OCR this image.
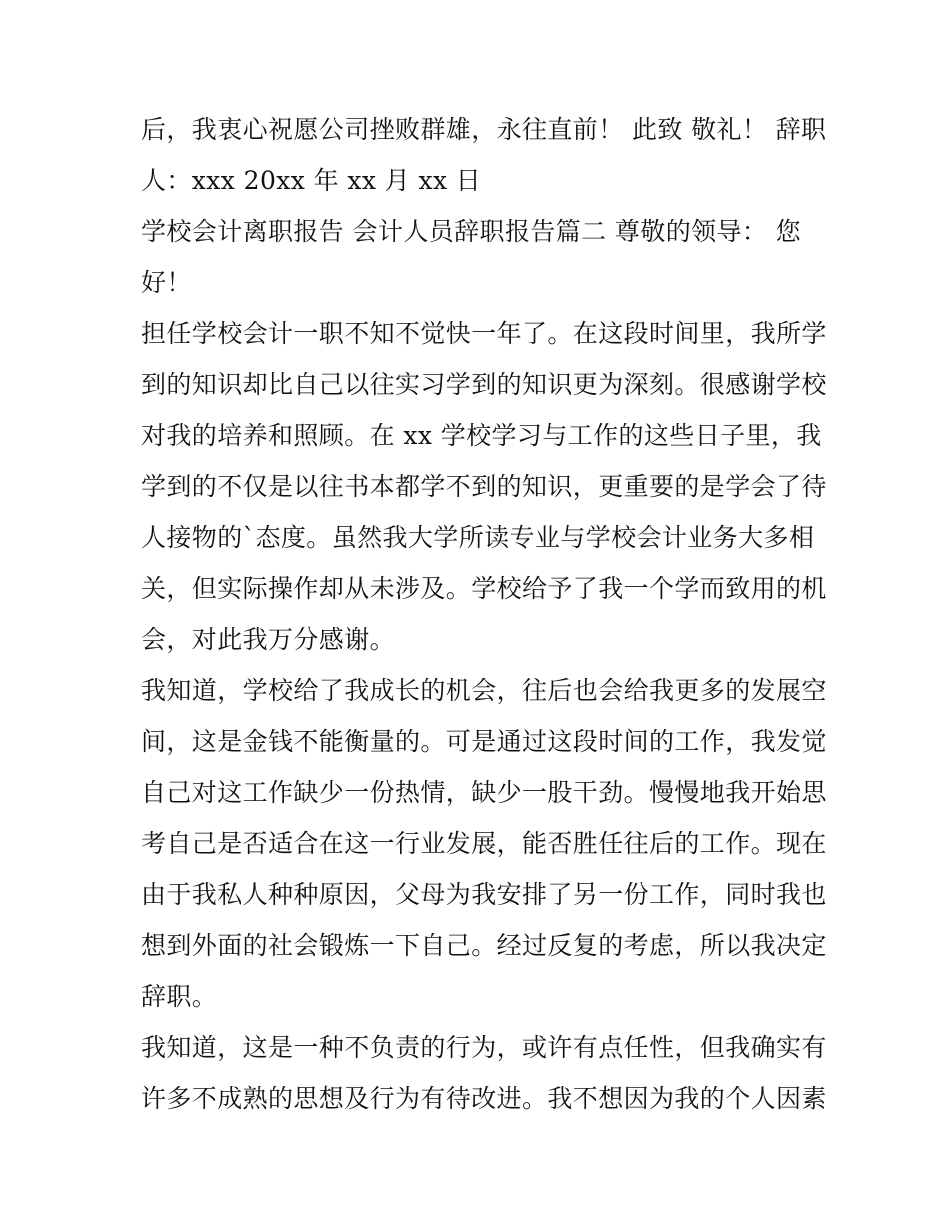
后，我衷心祝愿公司挫败群雄，永往直前！ 此致 敬礼！ 辞职
人：xxx 20xx 年 xx 月 xx 日
学校会计离职报告 会计人员辞职报告篇二 尊敬的领导： 您
好！
担任学校会计一职不知不觉快一年了。在这段时间里，我所学
到的知识却比自己以往实习学到的知识更为深刻。很感谢学校
对我的培养和照顾。在 xx 学校学习与工作的这些日子里，我
学到的不仅是以往书本都学不到的知识，更重要的是学会了待
人接物的`态度。虽然我大学所读专业与学校会计业务大多相
关，但实际操作却从未涉及。学校给予了我一个学而致用的机
会，对此我万分感谢。
我知道，学校给了我成长的机会，往后也会给我更多的发展空
间，这是金钱不能衡量的。可是通过这段时间的工作，我发觉
自己对这工作缺少一份热情，缺少一股干劲。慢慢地我开始思
考自己是否适合在这一行业发展，能否胜任往后的工作。现在
由于我私人种种原因，父母为我安排了另一份工作，同时我也
想到外面的社会锻炼一下自己。经过反复的考虑，所以我决定
辞职。
我知道，这是一种不负责的行为，或许有点任性，但我确实有
许多不成熟的思想及行为有待改进。我不想因为我的个人因素
